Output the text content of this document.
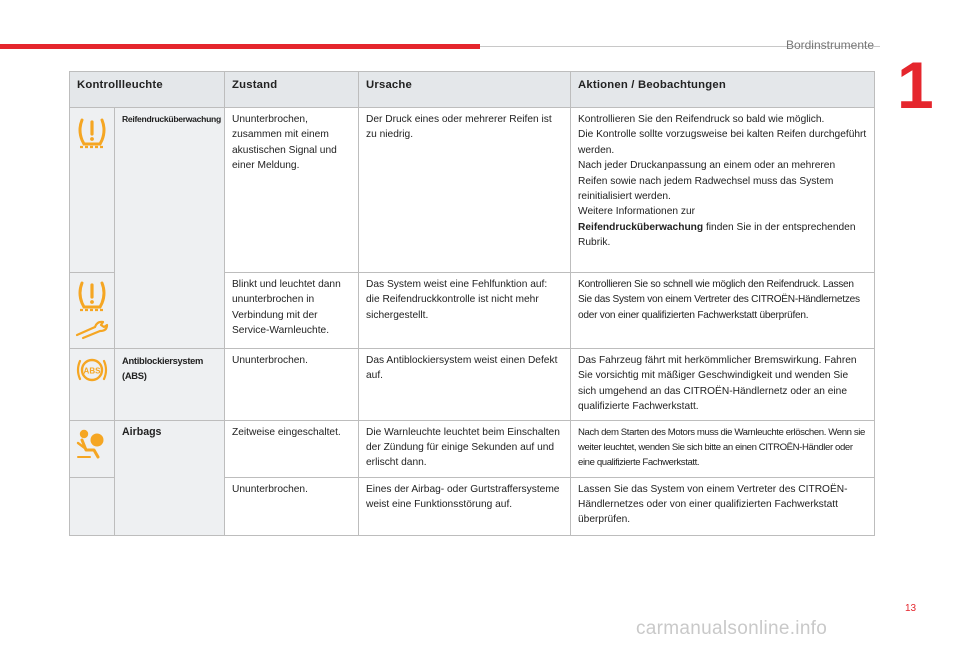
Bordinstrumente
1
Kontrollleuchte		Zustand	Ursache	Aktionen / Beobachtungen

Reifendrucküberwachung	Ununterbrochen, zusammen mit einem akustischen Signal und einer Meldung.	Der Druck eines oder mehrerer Reifen ist zu niedrig.	Kontrollieren Sie den Reifendruck so bald wie möglich.
Die Kontrolle sollte vorzugsweise bei kalten Reifen durchgeführt werden.
Nach jeder Druckanpassung an einem oder an mehreren Reifen sowie nach jedem Radwechsel muss das System reinitialisiert werden.
Weitere Informationen zur
Reifendrucküberwachung finden Sie in der entsprechenden Rubrik.

	Blinkt und leuchtet dann ununterbrochen in Verbindung mit der Service-Warnleuchte.	Das System weist eine Fehlfunktion auf: die Reifendruckkontrolle ist nicht mehr sichergestellt.	Kontrollieren Sie so schnell wie möglich den Reifendruck. Lassen Sie das System von einem Vertreter des CITROËN-Händlernetzes oder von einer qualifizierten Fachwerkstatt überprüfen.

ABS	Antiblockiersystem (ABS)	Ununterbrochen.	Das Antiblockiersystem weist einen Defekt auf.	Das Fahrzeug fährt mit herkömmlicher Bremswirkung. Fahren Sie vorsichtig mit mäßiger Geschwindigkeit und wenden Sie sich umgehend an das CITROËN-Händlernetz oder an eine qualifizierte Fachwerkstatt.

	Airbags	Zeitweise eingeschaltet.	Die Warnleuchte leuchtet beim Einschalten der Zündung für einige Sekunden auf und erlischt dann.	Nach dem Starten des Motors muss die Warnleuchte erlöschen. Wenn sie weiter leuchtet, wenden Sie sich bitte an einen CITROËN-Händler oder eine qualifizierte Fachwerkstatt.
		Ununterbrochen.	Eines der Airbag- oder Gurtstraffersysteme weist eine Funktionsstörung auf.	Lassen Sie das System von einem Vertreter des CITROËN-Händlernetzes oder von einer qualifizierten Fachwerkstatt überprüfen.
13
carmanualsonline.info
